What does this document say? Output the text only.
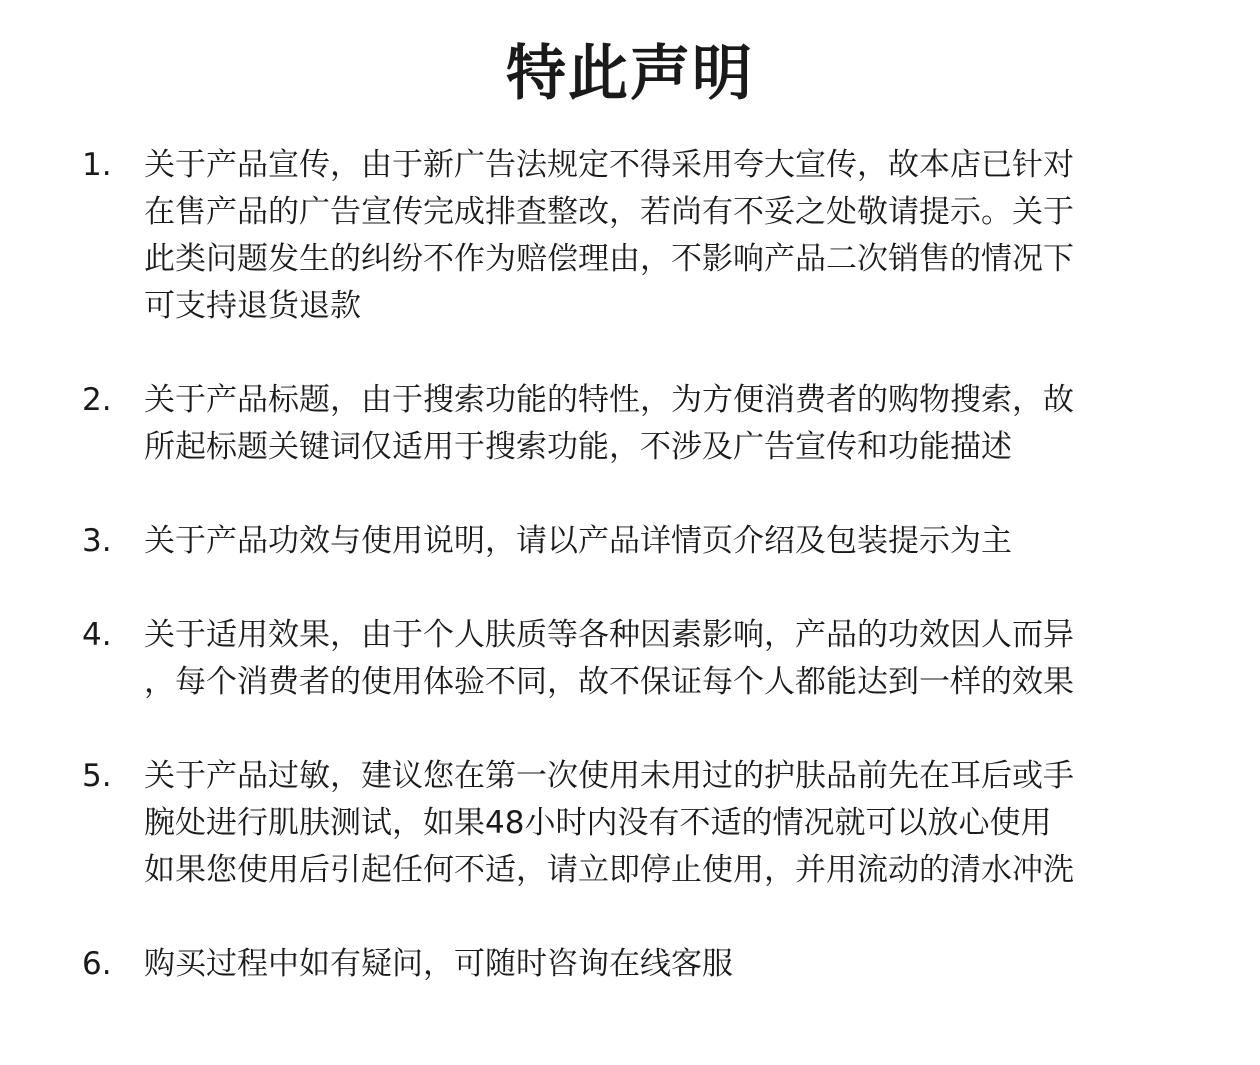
特此声明
1.	关于产品宣传，由于新广告法规定不得采用夸大宣传，故本店已针对
在售产品的广告宣传完成排查整改，若尚有不妥之处敬请提示。关于
此类问题发生的纠纷不作为赔偿理由，不影响产品二次销售的情况下
可支持退货退款
2.	关于产品标题，由于搜索功能的特性，为方便消费者的购物搜索，故
所起标题关键词仅适用于搜索功能，不涉及广告宣传和功能描述
3.	关于产品功效与使用说明，请以产品详情页介绍及包装提示为主
4.	关于适用效果，由于个人肤质等各种因素影响，产品的功效因人而异
，每个消费者的使用体验不同，故不保证每个人都能达到一样的效果
5.	关于产品过敏，建议您在第一次使用未用过的护肤品前先在耳后或手
腕处进行肌肤测试，如果48小时内没有不适的情况就可以放心使用
如果您使用后引起任何不适，请立即停止使用，并用流动的清水冲洗
6.	购买过程中如有疑问，可随时咨询在线客服
